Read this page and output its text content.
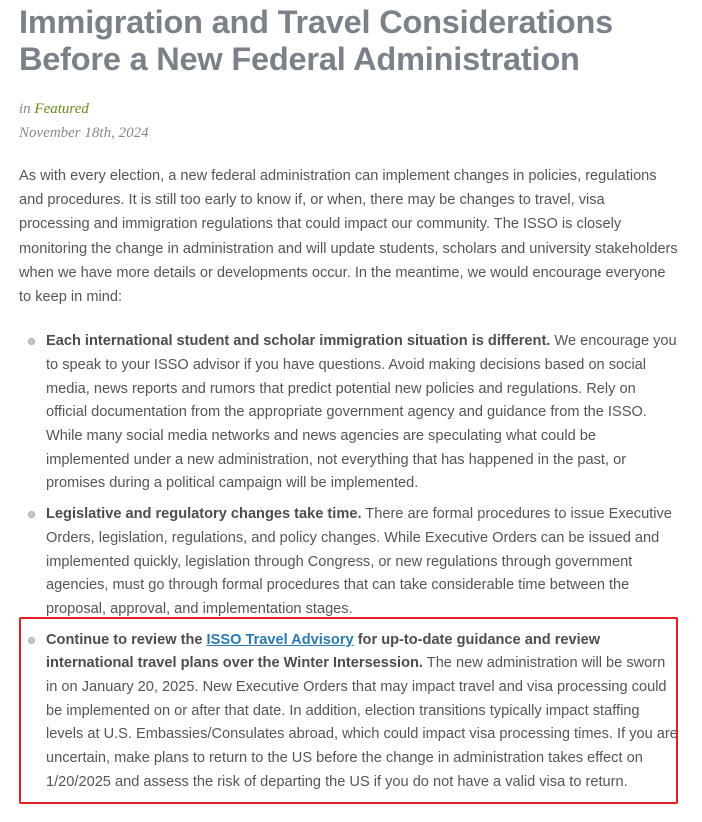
Immigration and Travel Considerations Before a New Federal Administration
in Featured
November 18th, 2024

As with every election, a new federal administration can implement changes in policies, regulations and procedures. It is still too early to know if, or when, there may be changes to travel, visa processing and immigration regulations that could impact our community. The ISSO is closely monitoring the change in administration and will update students, scholars and university stakeholders when we have more details or developments occur. In the meantime, we would encourage everyone to keep in mind:

Each international student and scholar immigration situation is different. We encourage you to speak to your ISSO advisor if you have questions. Avoid making decisions based on social media, news reports and rumors that predict potential new policies and regulations. Rely on official documentation from the appropriate government agency and guidance from the ISSO. While many social media networks and news agencies are speculating what could be implemented under a new administration, not everything that has happened in the past, or promises during a political campaign will be implemented.
Legislative and regulatory changes take time. There are formal procedures to issue Executive Orders, legislation, regulations, and policy changes. While Executive Orders can be issued and implemented quickly, legislation through Congress, or new regulations through government agencies, must go through formal procedures that can take considerable time between the proposal, approval, and implementation stages.
Continue to review the ISSO Travel Advisory for up-to-date guidance and review international travel plans over the Winter Intersession. The new administration will be sworn in on January 20, 2025. New Executive Orders that may impact travel and visa processing could be implemented on or after that date. In addition, election transitions typically impact staffing levels at U.S. Embassies/Consulates abroad, which could impact visa processing times. If you are uncertain, make plans to return to the US before the change in administration takes effect on 1/20/2025 and assess the risk of departing the US if you do not have a valid visa to return.
